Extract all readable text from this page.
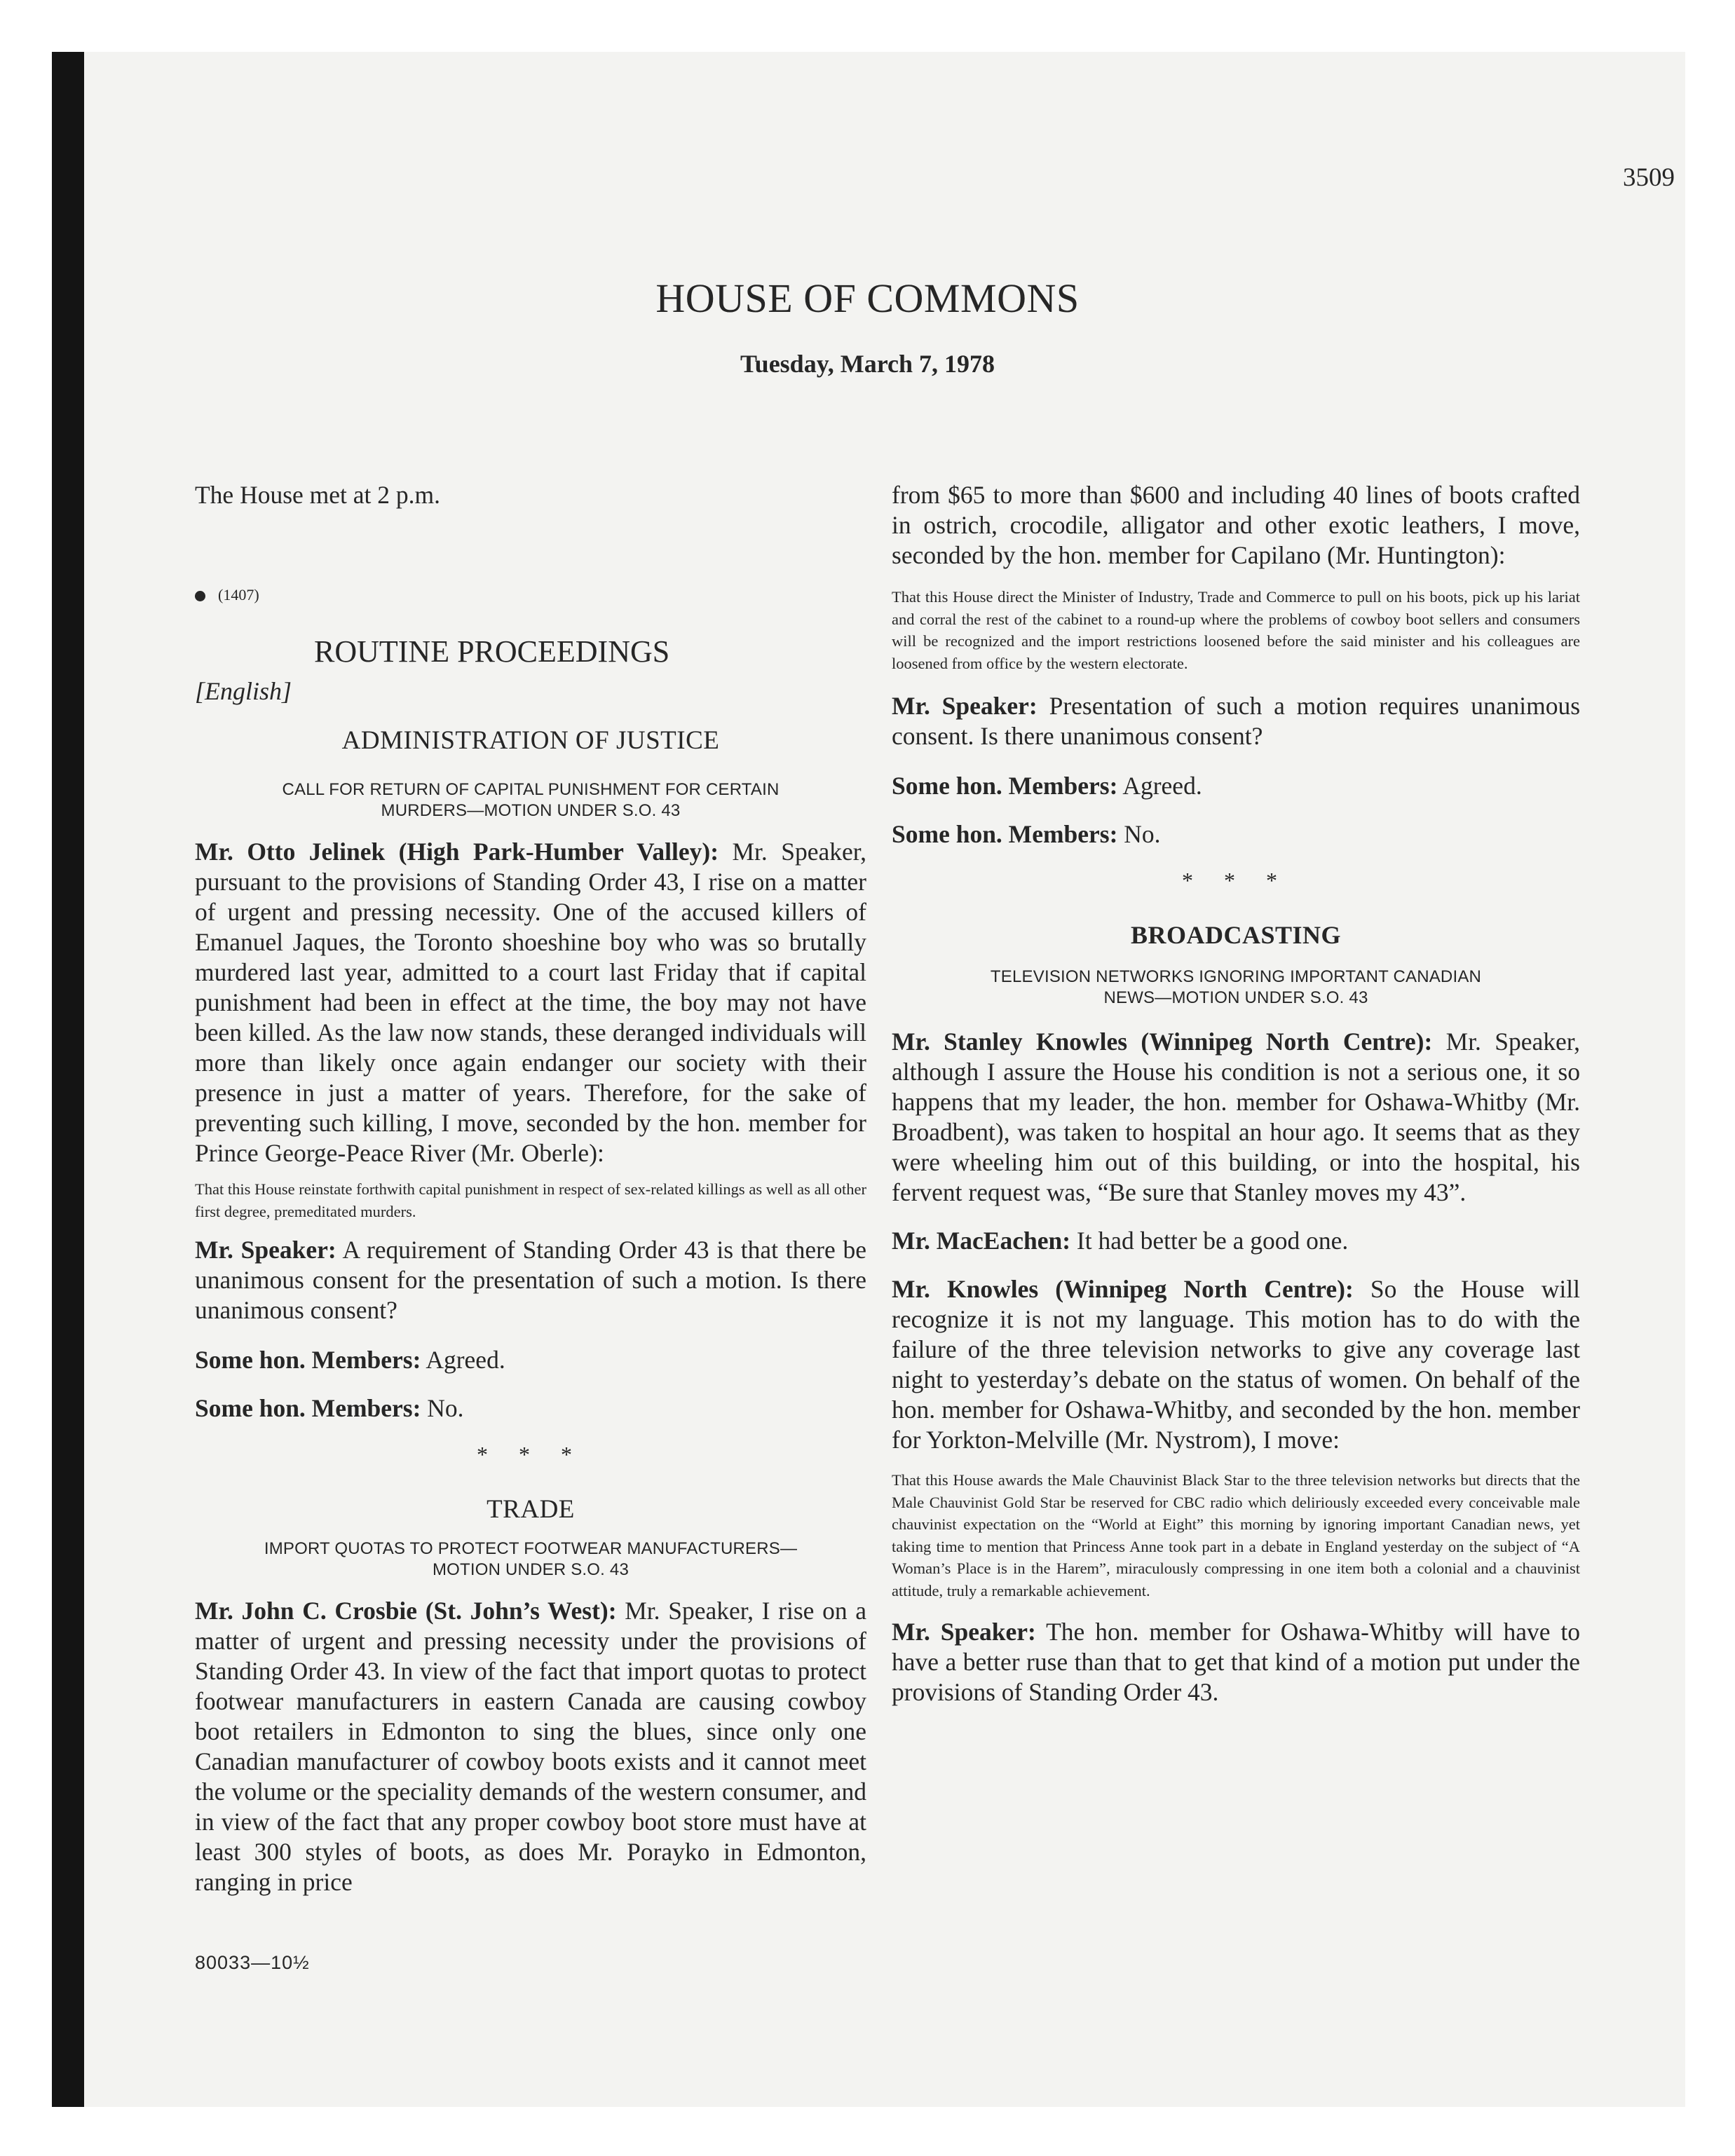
3509
HOUSE OF COMMONS
Tuesday, March 7, 1978

The House met at 2 p.m.

(1407)
ROUTINE PROCEEDINGS

[English]

ADMINISTRATION OF JUSTICE

CALL FOR RETURN OF CAPITAL PUNISHMENT FOR CERTAIN

MURDERS—MOTION UNDER S.O. 43

Mr. Otto Jelinek (High Park-Humber Valley): Mr. Speaker, pursuant to the provisions of Standing Order 43, I rise on a matter of urgent and pressing necessity. One of the accused killers of Emanuel Jaques, the Toronto shoeshine boy who was so brutally murdered last year, admitted to a court last Friday that if capital punishment had been in effect at the time, the boy may not have been killed. As the law now stands, these deranged individuals will more than likely once again endanger our society with their presence in just a matter of years. Therefore, for the sake of preventing such killing, I move, seconded by the hon. member for Prince George-Peace River (Mr. Oberle):

That this House reinstate forthwith capital punishment in respect of sex-related killings as well as all other first degree, premeditated murders.

Mr. Speaker: A requirement of Standing Order 43 is that there be unanimous consent for the presentation of such a motion. Is there unanimous consent?

Some hon. Members: Agreed.

Some hon. Members: No.

* * *

TRADE

IMPORT QUOTAS TO PROTECT FOOTWEAR MANUFACTURERS—

MOTION UNDER S.O. 43

Mr. John C. Crosbie (St. John’s West): Mr. Speaker, I rise on a matter of urgent and pressing necessity under the provisions of Standing Order 43. In view of the fact that import quotas to protect footwear manufacturers in eastern Canada are causing cowboy boot retailers in Edmonton to sing the blues, since only one Canadian manufacturer of cowboy boots exists and it cannot meet the volume or the speciality demands of the western consumer, and in view of the fact that any proper cowboy boot store must have at least 300 styles of boots, as does Mr. Porayko in Edmonton, ranging in price

from $65 to more than $600 and including 40 lines of boots crafted in ostrich, crocodile, alligator and other exotic leathers, I move, seconded by the hon. member for Capilano (Mr. Huntington):

That this House direct the Minister of Industry, Trade and Commerce to pull on his boots, pick up his lariat and corral the rest of the cabinet to a round-up where the problems of cowboy boot sellers and consumers will be recognized and the import restrictions loosened before the said minister and his colleagues are loosened from office by the western electorate.

Mr. Speaker: Presentation of such a motion requires unanimous consent. Is there unanimous consent?

Some hon. Members: Agreed.

Some hon. Members: No.

* * *

BROADCASTING

TELEVISION NETWORKS IGNORING IMPORTANT CANADIAN

NEWS—MOTION UNDER S.O. 43

Mr. Stanley Knowles (Winnipeg North Centre): Mr. Speaker, although I assure the House his condition is not a serious one, it so happens that my leader, the hon. member for Oshawa-Whitby (Mr. Broadbent), was taken to hospital an hour ago. It seems that as they were wheeling him out of this building, or into the hospital, his fervent request was, “Be sure that Stanley moves my 43”.

Mr. MacEachen: It had better be a good one.

Mr. Knowles (Winnipeg North Centre): So the House will recognize it is not my language. This motion has to do with the failure of the three television networks to give any coverage last night to yesterday’s debate on the status of women. On behalf of the hon. member for Oshawa-Whitby, and seconded by the hon. member for Yorkton-Melville (Mr. Nystrom), I move:

That this House awards the Male Chauvinist Black Star to the three television networks but directs that the Male Chauvinist Gold Star be reserved for CBC radio which deliriously exceeded every conceivable male chauvinist expectation on the “World at Eight” this morning by ignoring important Canadian news, yet taking time to mention that Princess Anne took part in a debate in England yesterday on the subject of “A Woman’s Place is in the Harem”, miraculously compressing in one item both a colonial and a chauvinist attitude, truly a remarkable achievement.

Mr. Speaker: The hon. member for Oshawa-Whitby will have to have a better ruse than that to get that kind of a motion put under the provisions of Standing Order 43.

80033—10½
